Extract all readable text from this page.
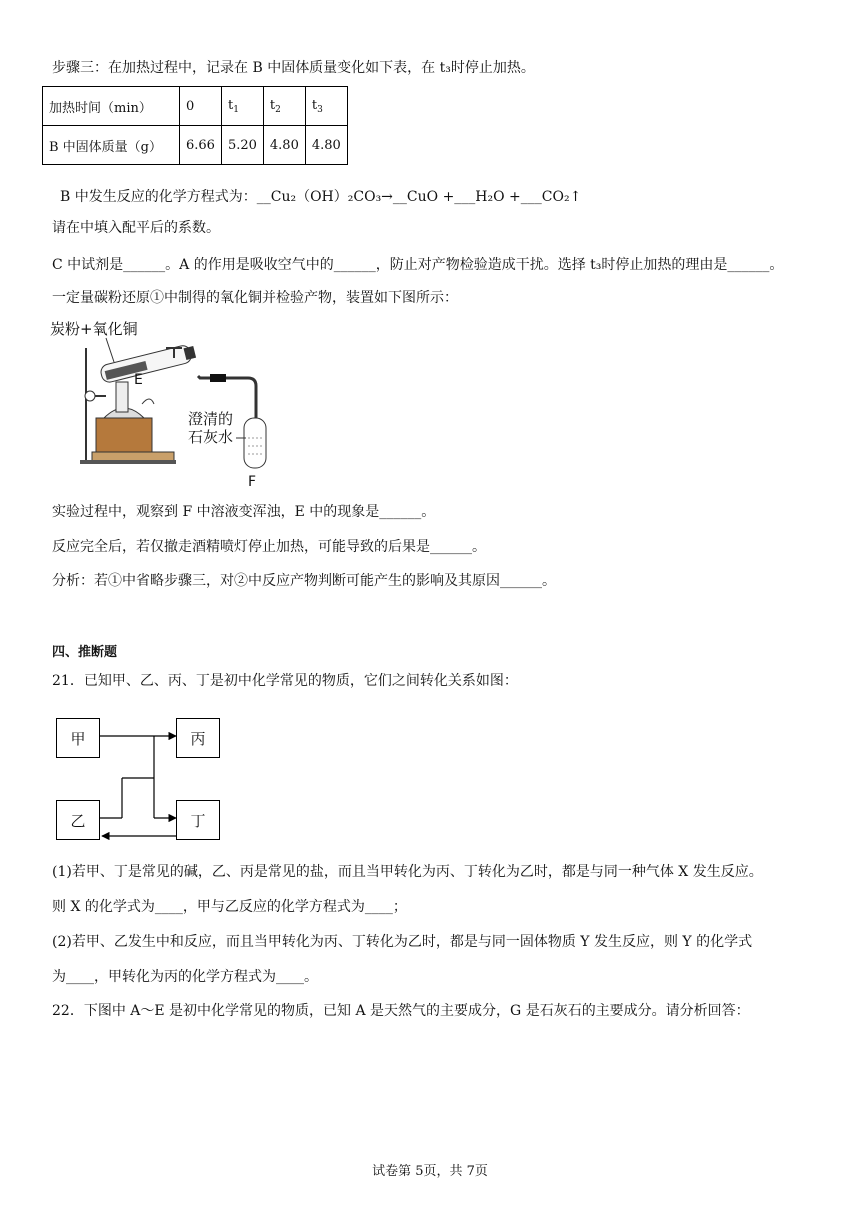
步骤三：在加热过程中，记录在 B 中固体质量变化如下表，在 t₃时停止加热。
加热时间（min）	0	$t_1$	$t_2$	$t_3$
B 中固体质量（g）	6.66	5.20	4.80	4.80
B 中发生反应的化学方程式为：__Cu₂（OH）₂CO₃→__CuO +___H₂O +___CO₂↑
请在中填入配平后的系数。
C 中试剂是______。A 的作用是吸收空气中的______，防止对产物检验造成干扰。选择 t₃时停止加热的理由是______。
一定量碳粉还原①中制得的氧化铜并检验产物，装置如下图所示：
炭粉+氧化铜
E
澄清的
石灰水
F
实验过程中，观察到 F 中溶液变浑浊，E 中的现象是______。
反应完全后，若仅撤走酒精喷灯停止加热，可能导致的后果是______。
分析：若①中省略步骤三，对②中反应产物判断可能产生的影响及其原因______。
四、推断题
21．已知甲、乙、丙、丁是初中化学常见的物质，它们之间转化关系如图：
甲	丙
乙	丁
(1)若甲、丁是常见的碱，乙、丙是常见的盐，而且当甲转化为丙、丁转化为乙时，都是与同一种气体 X 发生反应。
则 X 的化学式为____，甲与乙反应的化学方程式为____；
(2)若甲、乙发生中和反应，而且当甲转化为丙、丁转化为乙时，都是与同一固体物质 Y 发生反应，则 Y 的化学式
为____，甲转化为丙的化学方程式为____。
22．下图中 A～E 是初中化学常见的物质，已知 A 是天然气的主要成分，G 是石灰石的主要成分。请分析回答：
试卷第 5页，共 7页
